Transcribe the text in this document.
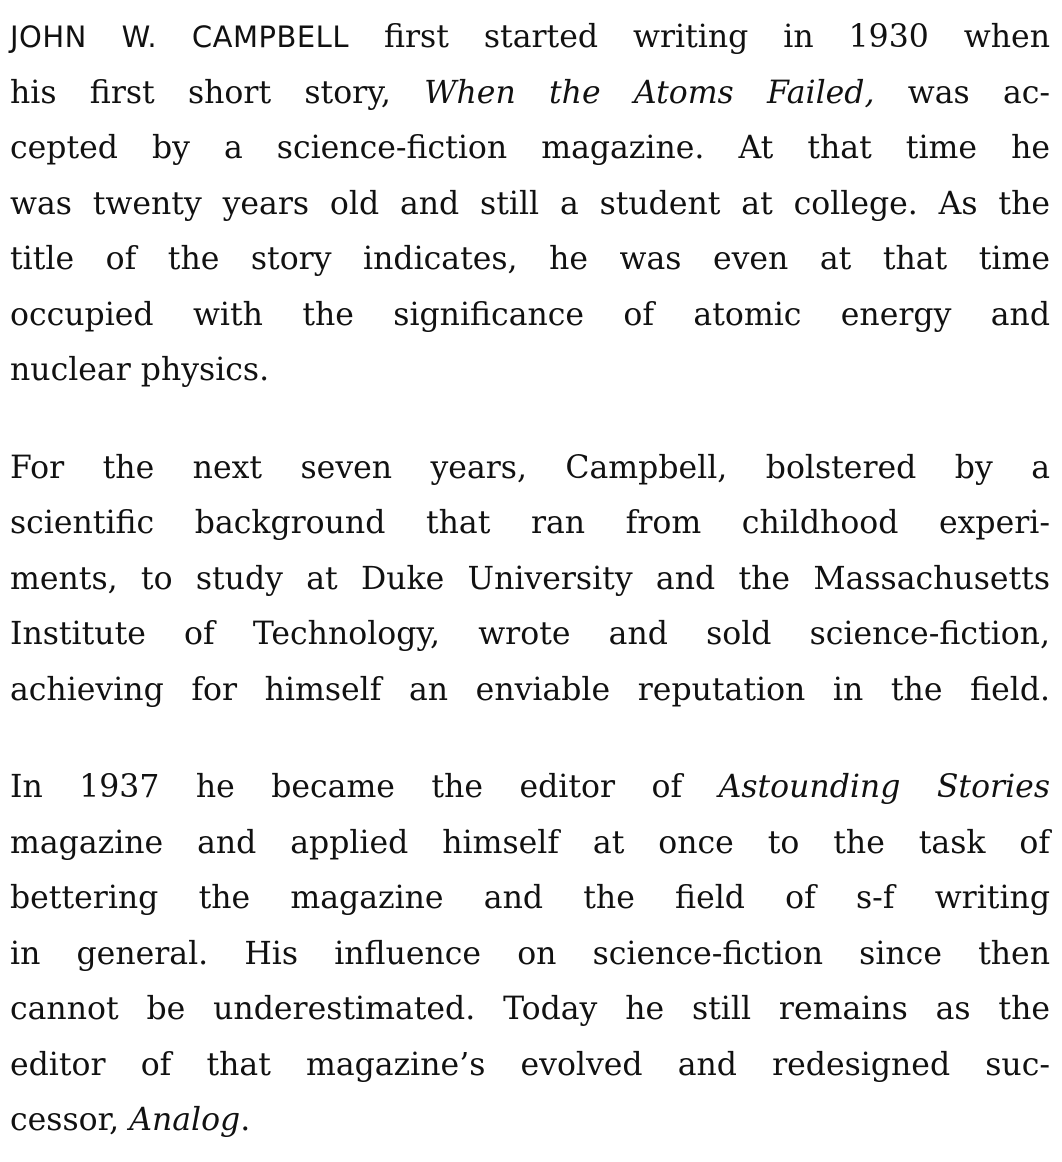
JOHN W. CAMPBELL first started writing in 1930 when
his first short story, When the Atoms Failed, was ac-
cepted by a science-fiction magazine. At that time he
was twenty years old and still a student at college. As the
title of the story indicates, he was even at that time
occupied with the significance of atomic energy and
nuclear physics.

For the next seven years, Campbell, bolstered by a
scientific background that ran from childhood experi-
ments, to study at Duke University and the Massachusetts
Institute of Technology, wrote and sold science-fiction,
achieving for himself an enviable reputation in the field.

In 1937 he became the editor of Astounding Stories
magazine and applied himself at once to the task of
bettering the magazine and the field of s-f writing
in general. His influence on science-fiction since then
cannot be underestimated. Today he still remains as the
editor of that magazine’s evolved and redesigned suc-
cessor, Analog.
